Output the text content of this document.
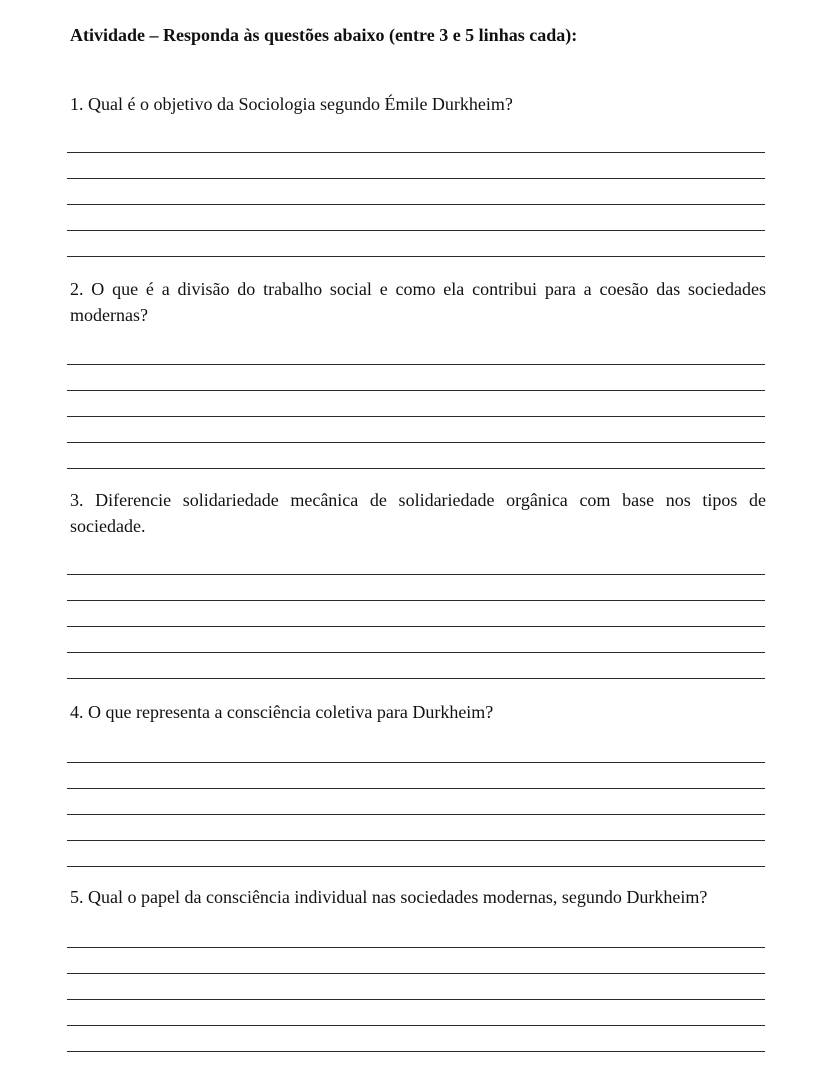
Atividade – Responda às questões abaixo (entre 3 e 5 linhas cada):
1. Qual é o objetivo da Sociologia segundo Émile Durkheim?
2. O que é a divisão do trabalho social e como ela contribui para a coesão das sociedades modernas?
3. Diferencie solidariedade mecânica de solidariedade orgânica com base nos tipos de sociedade.
4. O que representa a consciência coletiva para Durkheim?
5. Qual o papel da consciência individual nas sociedades modernas, segundo Durkheim?
